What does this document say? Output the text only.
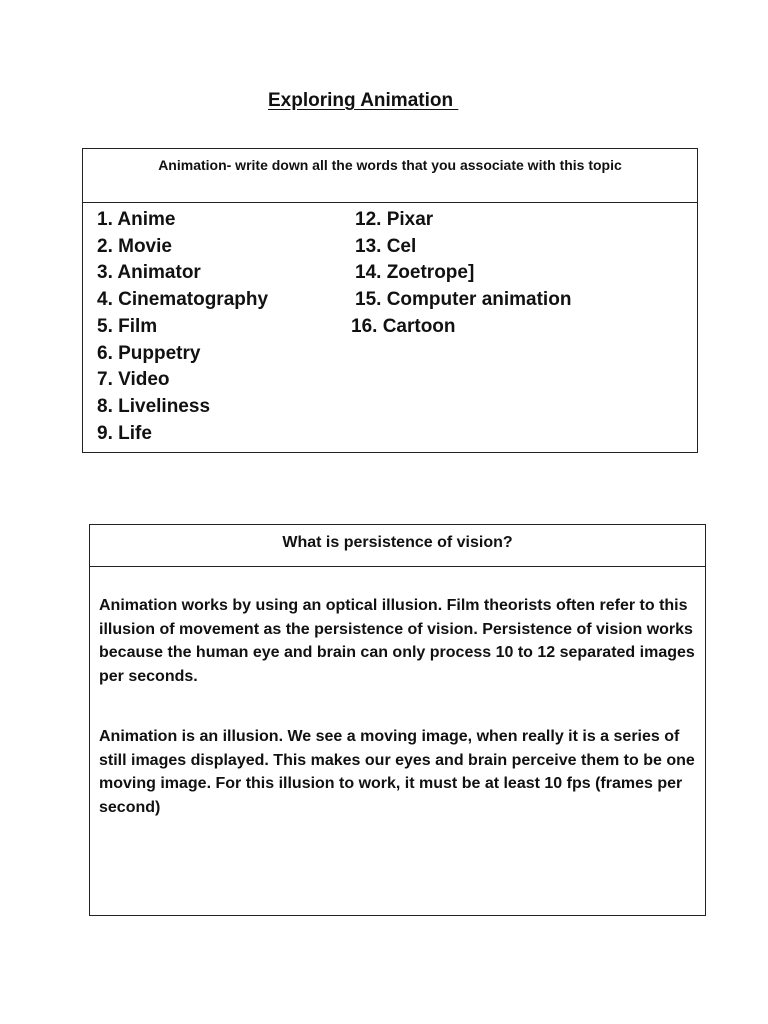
Exploring Animation
Animation- write down all the words that you associate with this topic
1. Anime
2. Movie
3. Animator
4. Cinematography
5. Film
6. Puppetry
7. Video
8. Liveliness
9. Life
12. Pixar
13. Cel
14. Zoetrope]
15. Computer animation
16. Cartoon
What is persistence of vision?

Animation works by using an optical illusion. Film theorists often refer to this illusion of movement as the persistence of vision. Persistence of vision works because the human eye and brain can only process 10 to 12 separated images per seconds.

Animation is an illusion. We see a moving image, when really it is a series of still images displayed. This makes our eyes and brain perceive them to be one moving image. For this illusion to work, it must be at least 10 fps (frames per second)
